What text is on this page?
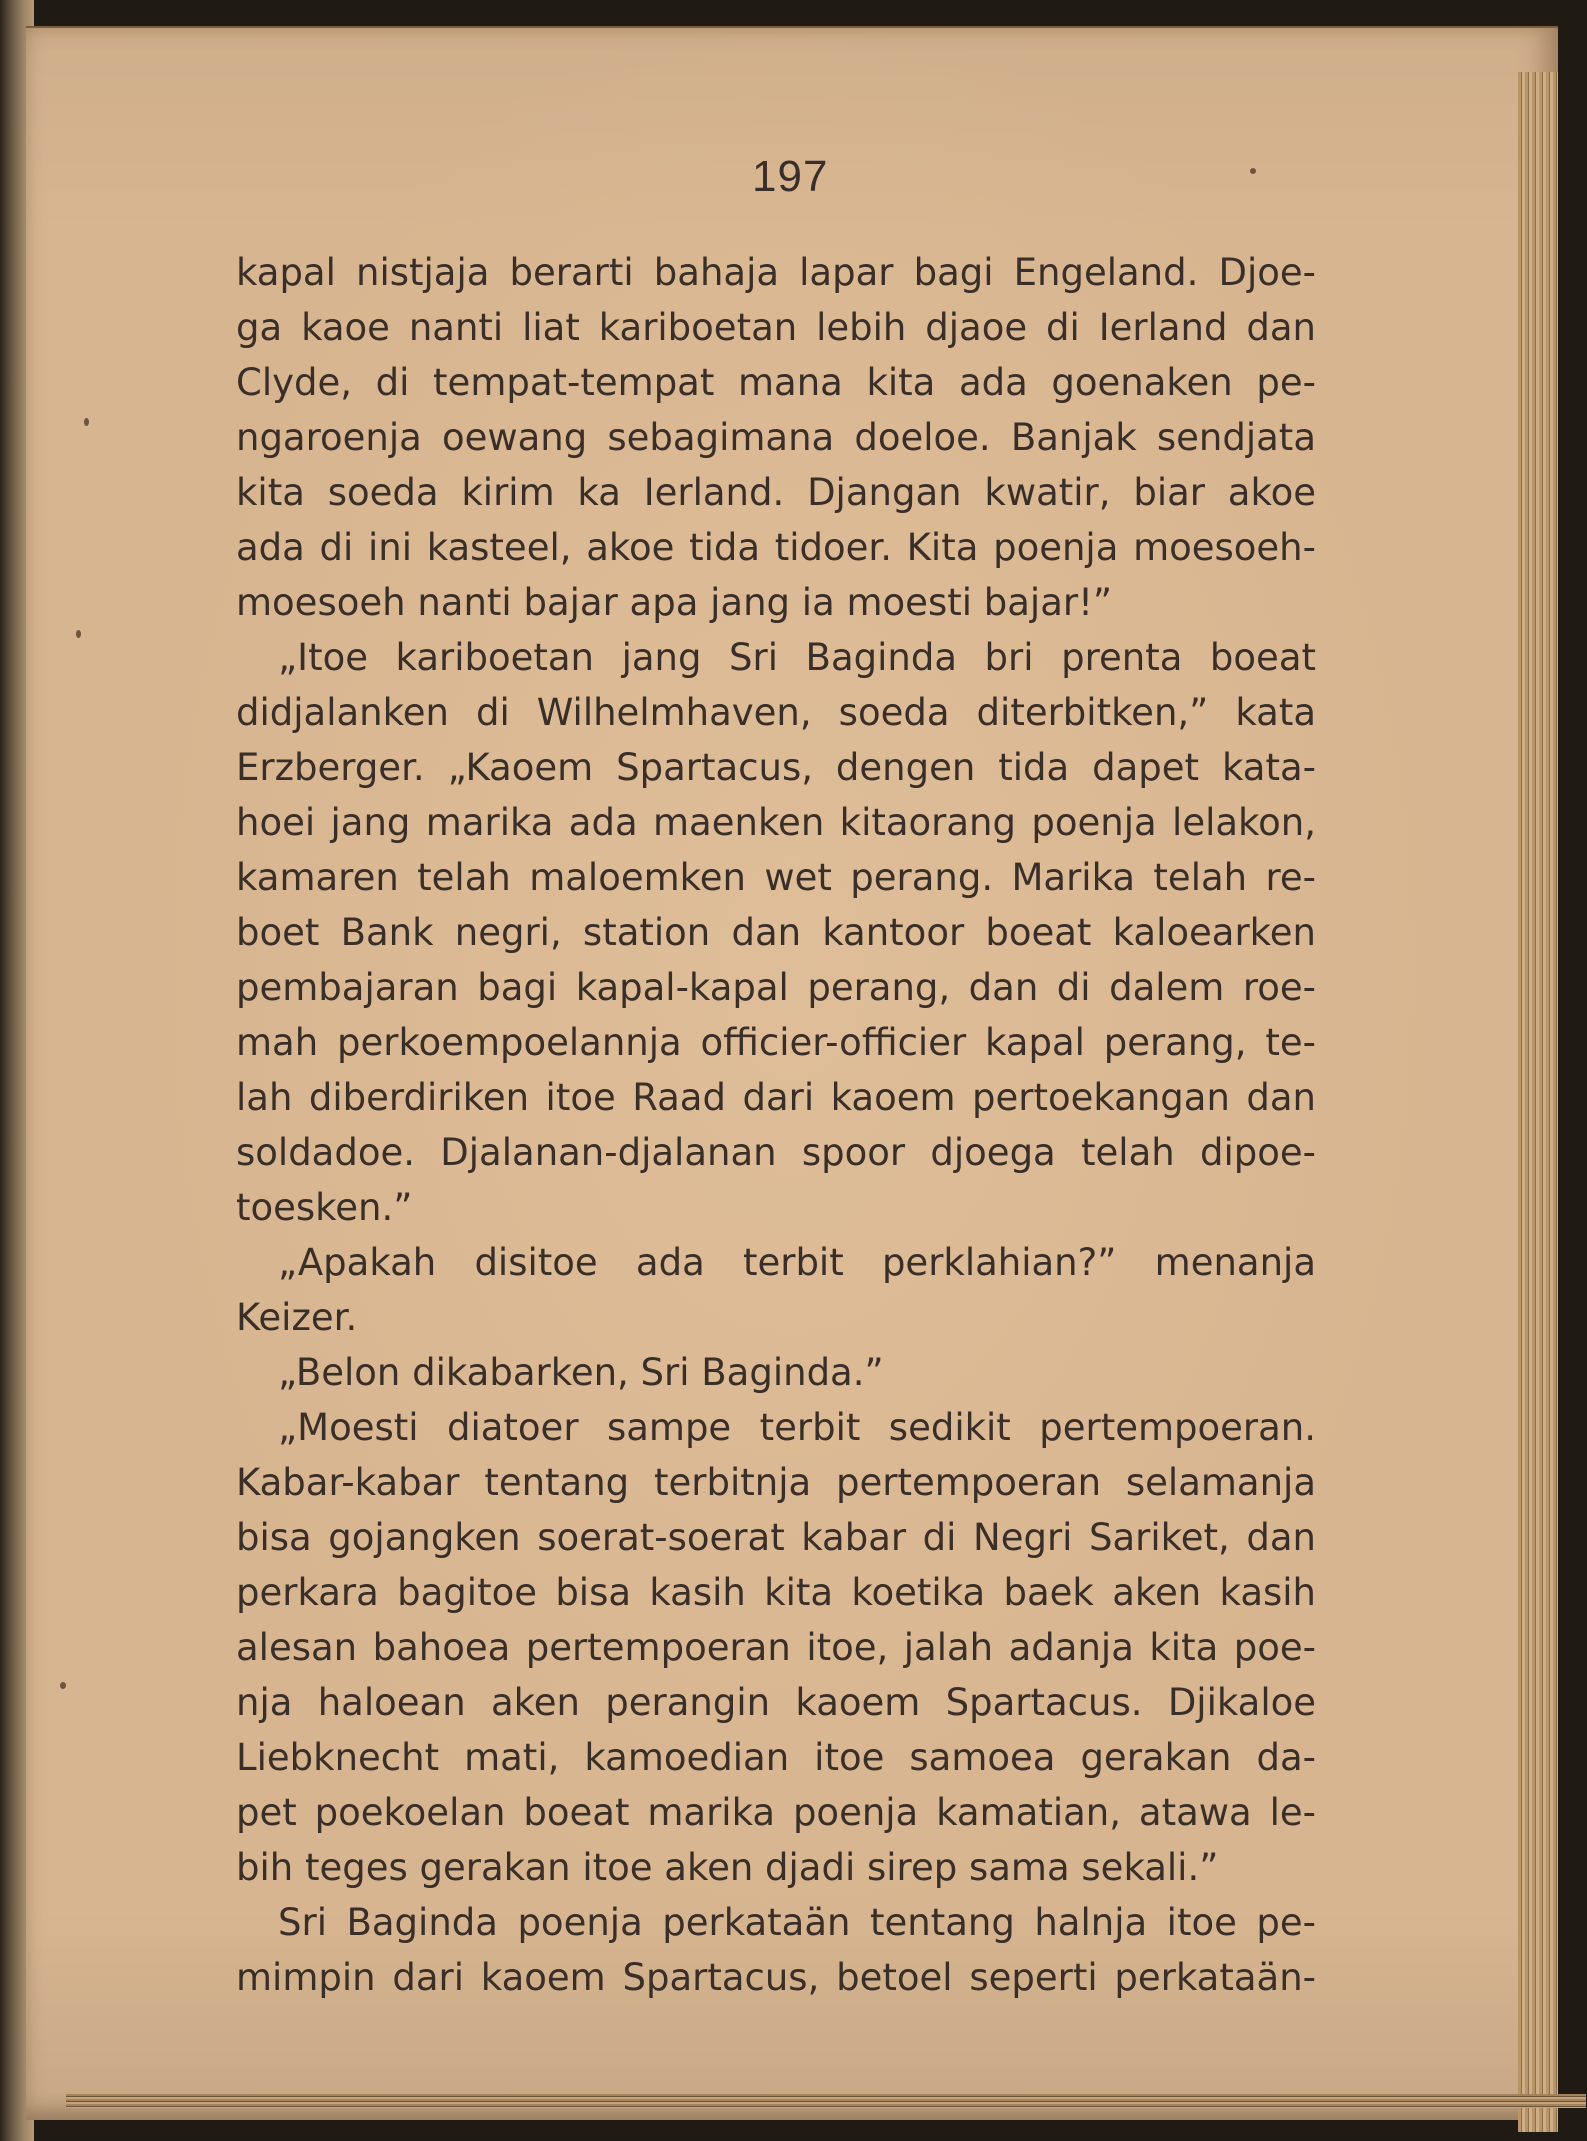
197
kapal nistjaja berarti bahaja lapar bagi Engeland. Djoe-
ga kaoe nanti liat kariboetan lebih djaoe di Ierland dan
Clyde, di tempat-tempat mana kita ada goenaken pe-
ngaroenja oewang sebagimana doeloe. Banjak sendjata
kita soeda kirim ka Ierland. Djangan kwatir, biar akoe
ada di ini kasteel, akoe tida tidoer. Kita poenja moesoeh-
moesoeh nanti bajar apa jang ia moesti bajar!”
„Itoe kariboetan jang Sri Baginda bri prenta boeat
didjalanken di Wilhelmhaven, soeda diterbitken,” kata
Erzberger. „Kaoem Spartacus, dengen tida dapet kata-
hoei jang marika ada maenken kitaorang poenja lelakon,
kamaren telah maloemken wet perang. Marika telah re-
boet Bank negri, station dan kantoor boeat kaloearken
pembajaran bagi kapal-kapal perang, dan di dalem roe-
mah perkoempoelannja officier-officier kapal perang, te-
lah diberdiriken itoe Raad dari kaoem pertoekangan dan
soldadoe. Djalanan-djalanan spoor djoega telah dipoe-
toesken.”
„Apakah disitoe ada terbit perklahian?” menanja
Keizer.
„Belon dikabarken, Sri Baginda.”
„Moesti diatoer sampe terbit sedikit pertempoeran.
Kabar-kabar tentang terbitnja pertempoeran selamanja
bisa gojangken soerat-soerat kabar di Negri Sariket, dan
perkara bagitoe bisa kasih kita koetika baek aken kasih
alesan bahoea pertempoeran itoe, jalah adanja kita poe-
nja haloean aken perangin kaoem Spartacus. Djikaloe
Liebknecht mati, kamoedian itoe samoea gerakan da-
pet poekoelan boeat marika poenja kamatian, atawa le-
bih teges gerakan itoe aken djadi sirep sama sekali.”
Sri Baginda poenja perkataän tentang halnja itoe pe-
mimpin dari kaoem Spartacus, betoel seperti perkataän-
